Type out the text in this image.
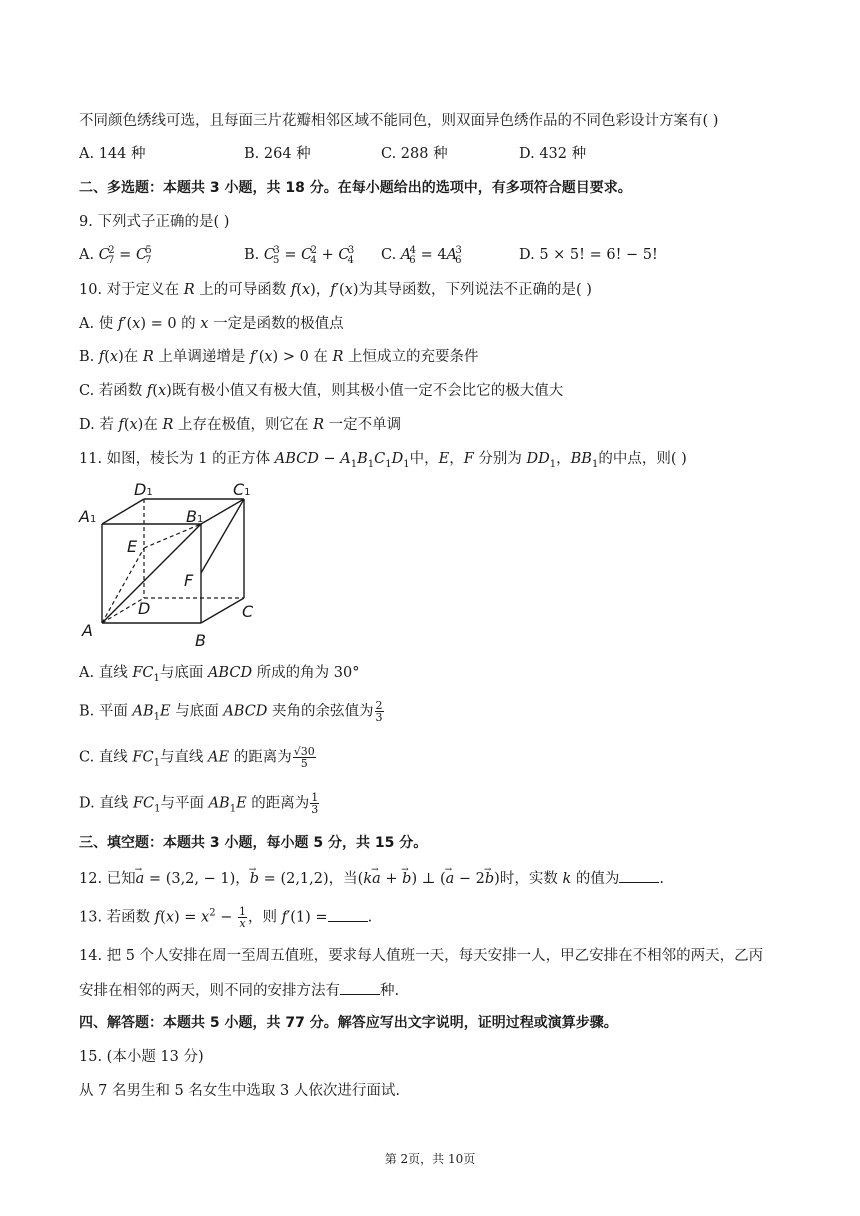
不同颜色绣线可选，且每面三片花瓣相邻区域不能同色，则双面异色绣作品的不同色彩设计方案有( )
A. 144 种	B. 264 种	C. 288 种	D. 432 种
二、多选题：本题共 3 小题，共 18 分。在每小题给出的选项中，有多项符合题目要求。
9. 下列式子正确的是( )
A. $C_7^2 = C_7^5$	B. $C_5^3 = C_4^2 + C_4^3$ C. $A_6^4 = 4A_6^3$	D. 5 × 5! = 6! − 5!
10. 对于定义在 R 上的可导函数 f(x)，f′(x)为其导函数，下列说法不正确的是( )
A. 使 f′(x) = 0 的 x 一定是函数的极值点
B. f(x)在 R 上单调递增是 f′(x) > 0 在 R 上恒成立的充要条件
C. 若函数 f(x)既有极小值又有极大值，则其极小值一定不会比它的极大值大
D. 若 f(x)在 R 上存在极值，则它在 R 一定不单调
11. 如图，棱长为 1 的正方体 ABCD − $A_1B_1C_1D_1$中，E，F 分别为 $DD_1$，$BB_1$的中点，则( )
D1	C1
A1	B1
E
F
D	C
A
B
A. 直线 $FC_1$与底面 ABCD 所成的角为 30°
B. 平面 $AB_1E$ 与底面 ABCD 夹角的余弦值为 $\frac{2}{3}$
C. 直线 $FC_1$与直线 AE 的距离为 $\frac{√30}{5}$
D. 直线 $FC_1$与平面 $AB_1E$ 的距离为 $\frac{1}{3}$
三、填空题：本题共 3 小题，每小题 5 分，共 15 分。
12. 已知→ a = (3,2, − 1)，→ b = (2,1,2)，当(k→ a + → b) ⊥ (→ a − 2→ b)时，实数 k 的值为	.
13. 若函数 $f(x) = x^2 - \frac{1}{x}$ ，则 f′(1) =	.
14. 把 5 个人安排在周一至周五值班，要求每人值班一天，每天安排一人，甲乙安排在不相邻的两天，乙丙
安排在相邻的两天，则不同的安排方法有	种.
四、解答题：本题共 5 小题，共 77 分。解答应写出文字说明，证明过程或演算步骤。
15. (本小题 13 分)
从 7 名男生和 5 名女生中选取 3 人依次进行面试.
第 2页，共 10页
